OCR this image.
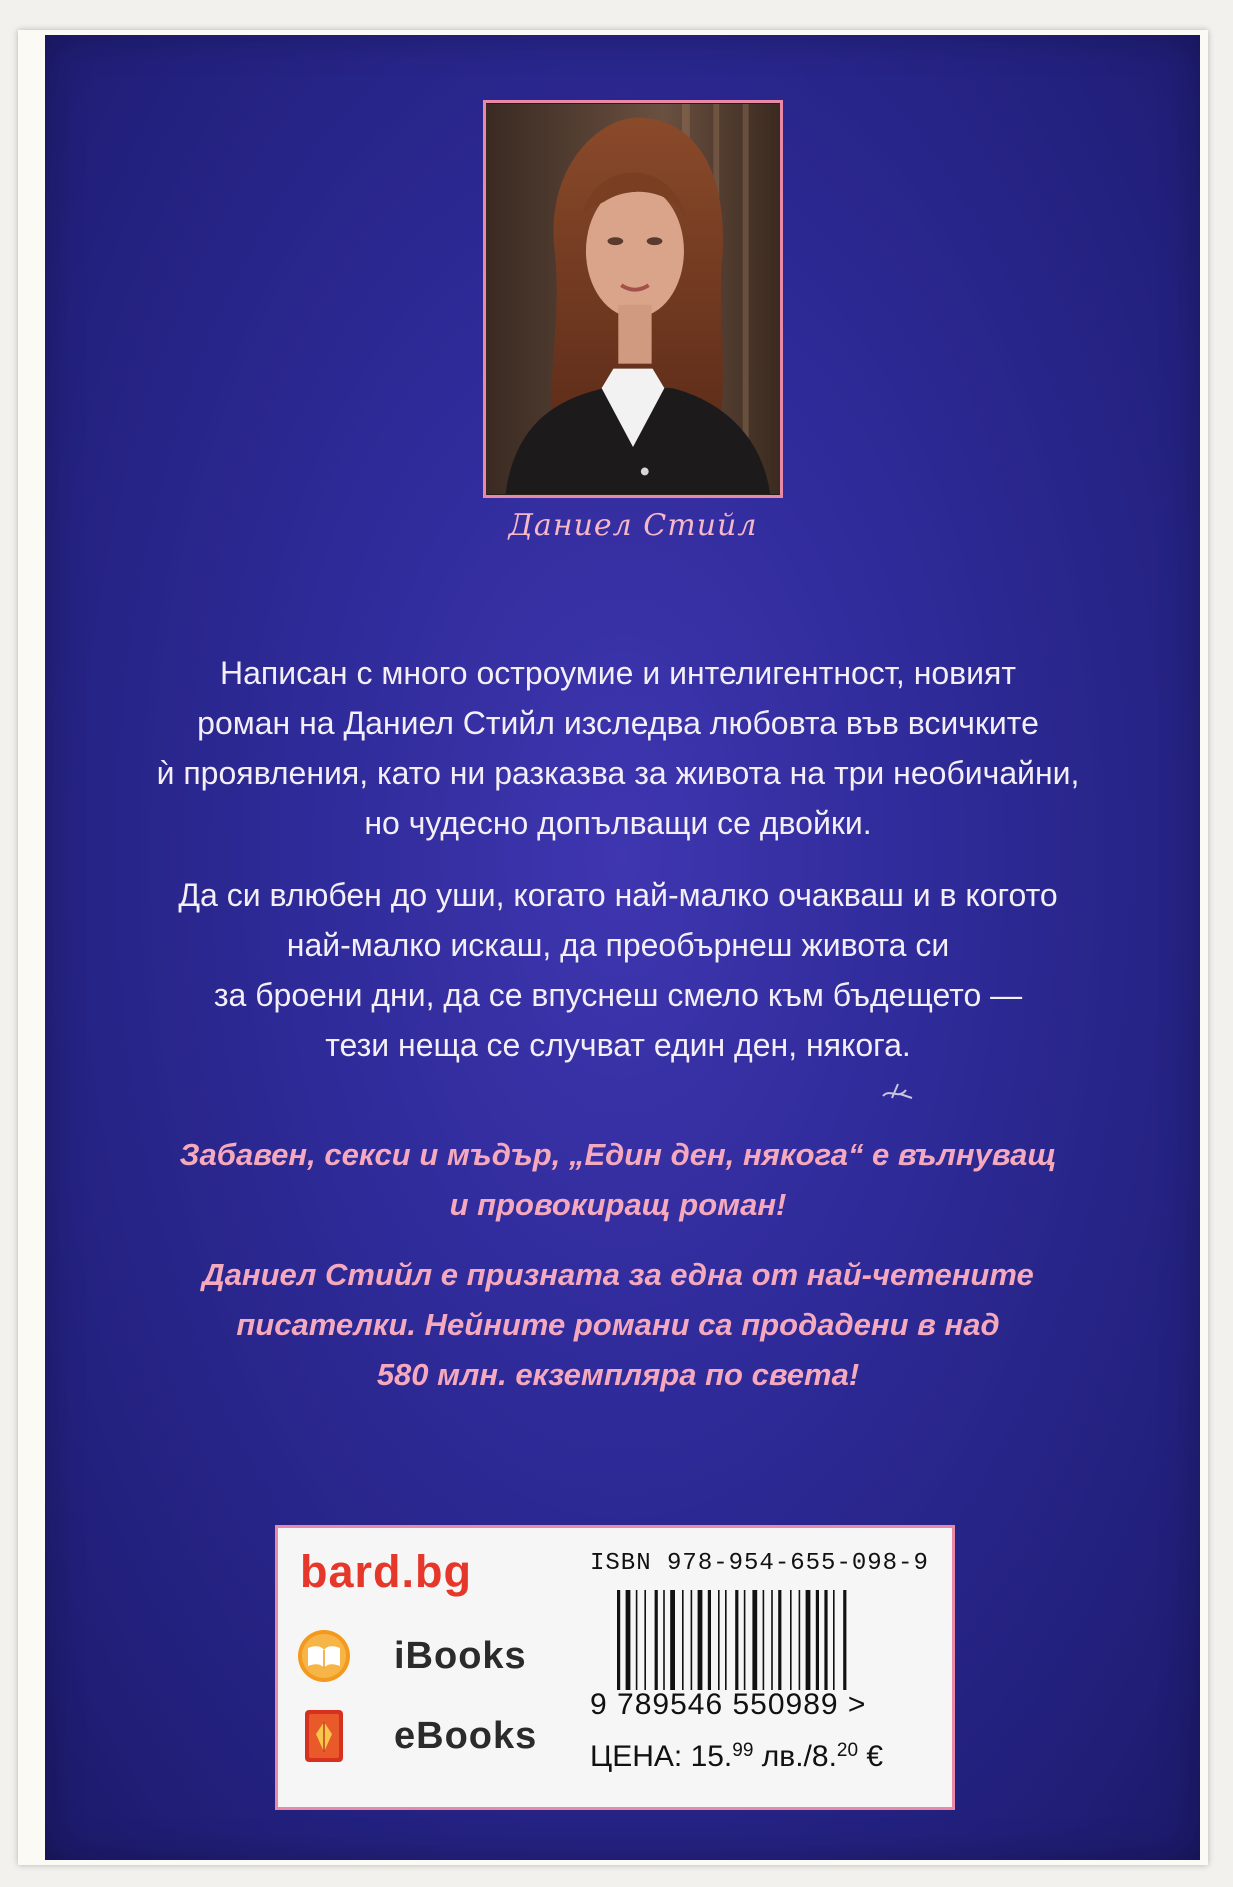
Даниел Стийл

Написан с много остроумие и интелигентност, новият

роман на Даниел Стийл изследва любовта във всичките

ѝ проявления, като ни разказва за живота на три необичайни,

но чудесно допълващи се двойки.

Да си влюбен до уши, когато най-малко очакваш и в когото

най-малко искаш, да преобърнеш живота си

за броени дни, да се впуснеш смело към бъдещето —

тези неща се случват един ден, някога.

Забавен, секси и мъдър, „Един ден, някога“ е вълнуващ

и провокиращ роман!

Даниел Стийл е призната за една от най-четените

писателки. Нейните романи са продадени в над

580 млн. екземпляра по света!

bard.bg
iBooks
eBooks
ISBN 978-954-655-098-9
9 789546 550989 >
ЦЕНА: 15.99 лв./8.20 €
